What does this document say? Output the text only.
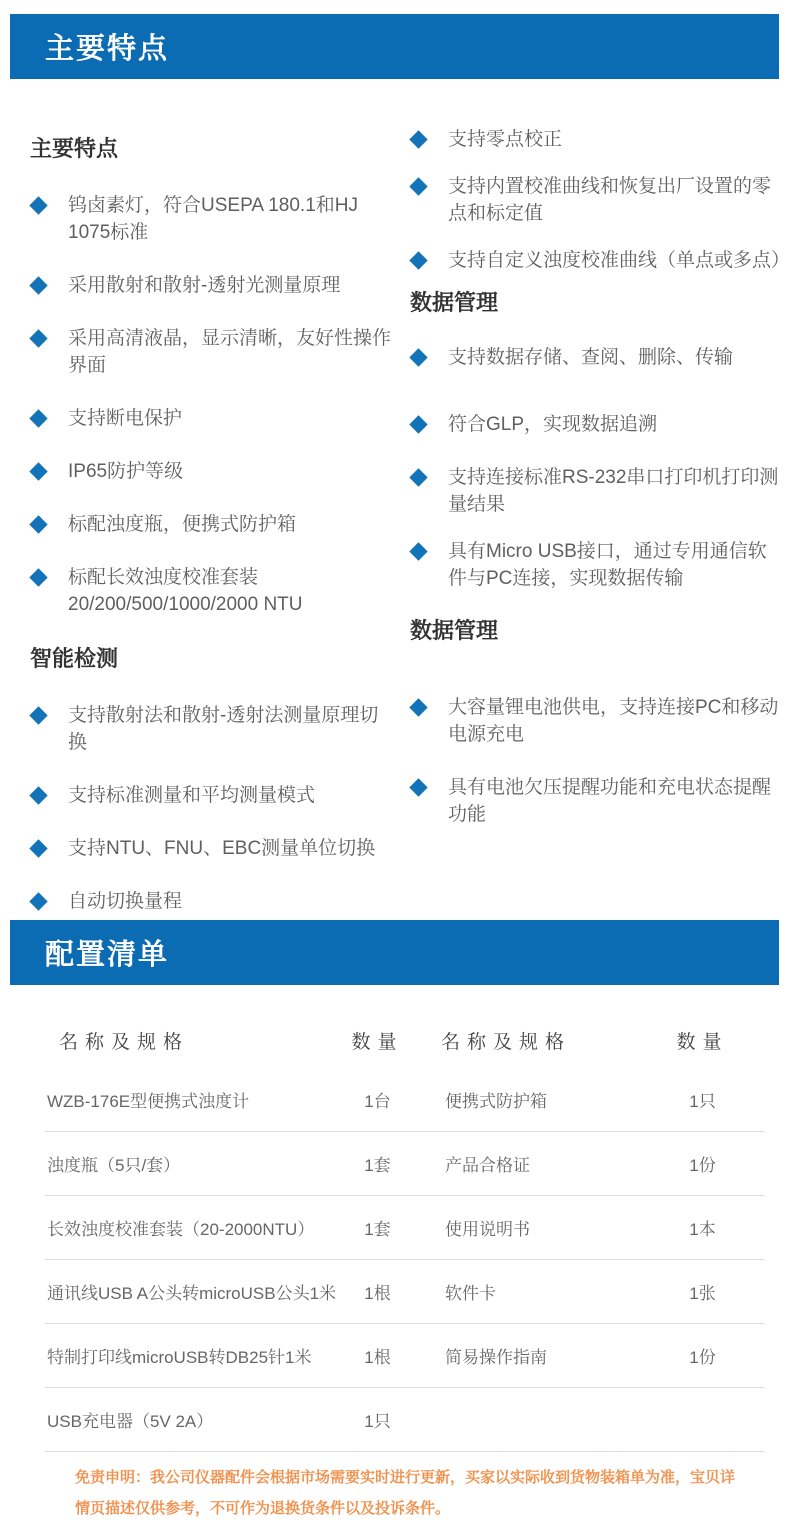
主要特点
主要特点
钨卤素灯，符合USEPA 180.1和HJ 1075标准
采用散射和散射-透射光测量原理
采用高清液晶，显示清晰，友好性操作界面
支持断电保护
IP65防护等级
标配浊度瓶，便携式防护箱
标配长效浊度校准套装20/200/500/1000/2000 NTU
智能检测
支持散射法和散射-透射法测量原理切换
支持标准测量和平均测量模式
支持NTU、FNU、EBC测量单位切换
自动切换量程
支持零点校正
支持内置校准曲线和恢复出厂设置的零点和标定值
支持自定义浊度校准曲线（单点或多点）
数据管理
支持数据存储、查阅、删除、传输
符合GLP，实现数据追溯
支持连接标准RS-232串口打印机打印测量结果
具有Micro USB接口，通过专用通信软件与PC连接，实现数据传输
数据管理
大容量锂电池供电，支持连接PC和移动电源充电
具有电池欠压提醒功能和充电状态提醒功能
配置清单
名称及规格	数量	名称及规格	数量
WZB-176E型便携式浊度计	1台	便携式防护箱	1只
浊度瓶（5只/套）	1套	产品合格证	1份
长效浊度校准套装（20-2000NTU）	1套	使用说明书	1本
通讯线USB A公头转microUSB公头1米	1根	软件卡	1张
特制打印线microUSB转DB25针1米	1根	简易操作指南	1份
USB充电器（5V 2A）	1只

免责申明：我公司仪器配件会根据市场需要实时进行更新，买家以实际收到货物装箱单为准，宝贝详情页描述仅供参考，不可作为退换货条件以及投诉条件。
